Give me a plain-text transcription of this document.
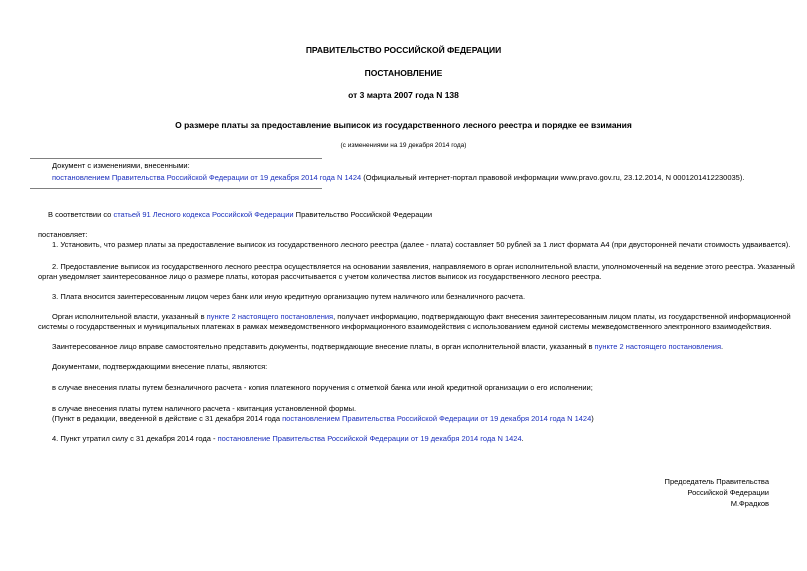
ПРАВИТЕЛЬСТВО РОССИЙСКОЙ ФЕДЕРАЦИИ
ПОСТАНОВЛЕНИЕ
от 3 марта 2007 года N 138
О размере платы за предоставление выписок из государственного лесного реестра и порядке ее взимания
(с изменениями на 19 декабря 2014 года)
Документ с изменениями, внесенными:
постановлением Правительства Российской Федерации от 19 декабря 2014 года N 1424 (Официальный интернет-портал правовой информации www.pravo.gov.ru, 23.12.2014, N 0001201412230035).
В соответствии со статьей 91 Лесного кодекса Российской Федерации Правительство Российской Федерации
постановляет:
1. Установить, что размер платы за предоставление выписок из государственного лесного реестра (далее - плата) составляет 50 рублей за 1 лист формата А4 (при двусторонней печати стоимость удваивается).
2. Предоставление выписок из государственного лесного реестра осуществляется на основании заявления, направляемого в орган исполнительной власти, уполномоченный на ведение этого реестра. Указанный
орган уведомляет заинтересованное лицо о размере платы, которая рассчитывается с учетом количества листов выписок из государственного лесного реестра.
3. Плата вносится заинтересованным лицом через банк или иную кредитную организацию путем наличного или безналичного расчета.
Орган исполнительной власти, указанный в пункте 2 настоящего постановления, получает информацию, подтверждающую факт внесения заинтересованным лицом платы, из государственной информационной
системы о государственных и муниципальных платежах в рамках межведомственного информационного взаимодействия с использованием единой системы межведомственного электронного взаимодействия.
Заинтересованное лицо вправе самостоятельно представить документы, подтверждающие внесение платы, в орган исполнительной власти, указанный в пункте 2 настоящего постановления.
Документами, подтверждающими внесение платы, являются:
в случае внесения платы путем безналичного расчета - копия платежного поручения с отметкой банка или иной кредитной организации о его исполнении;
в случае внесения платы путем наличного расчета - квитанция установленной формы.
(Пункт в редакции, введенной в действие с 31 декабря 2014 года постановлением Правительства Российской Федерации от 19 декабря 2014 года N 1424)
4. Пункт утратил силу с 31 декабря 2014 года - постановление Правительства Российской Федерации от 19 декабря 2014 года N 1424.
Председатель Правительства
Российской Федерации
М.Фрадков
